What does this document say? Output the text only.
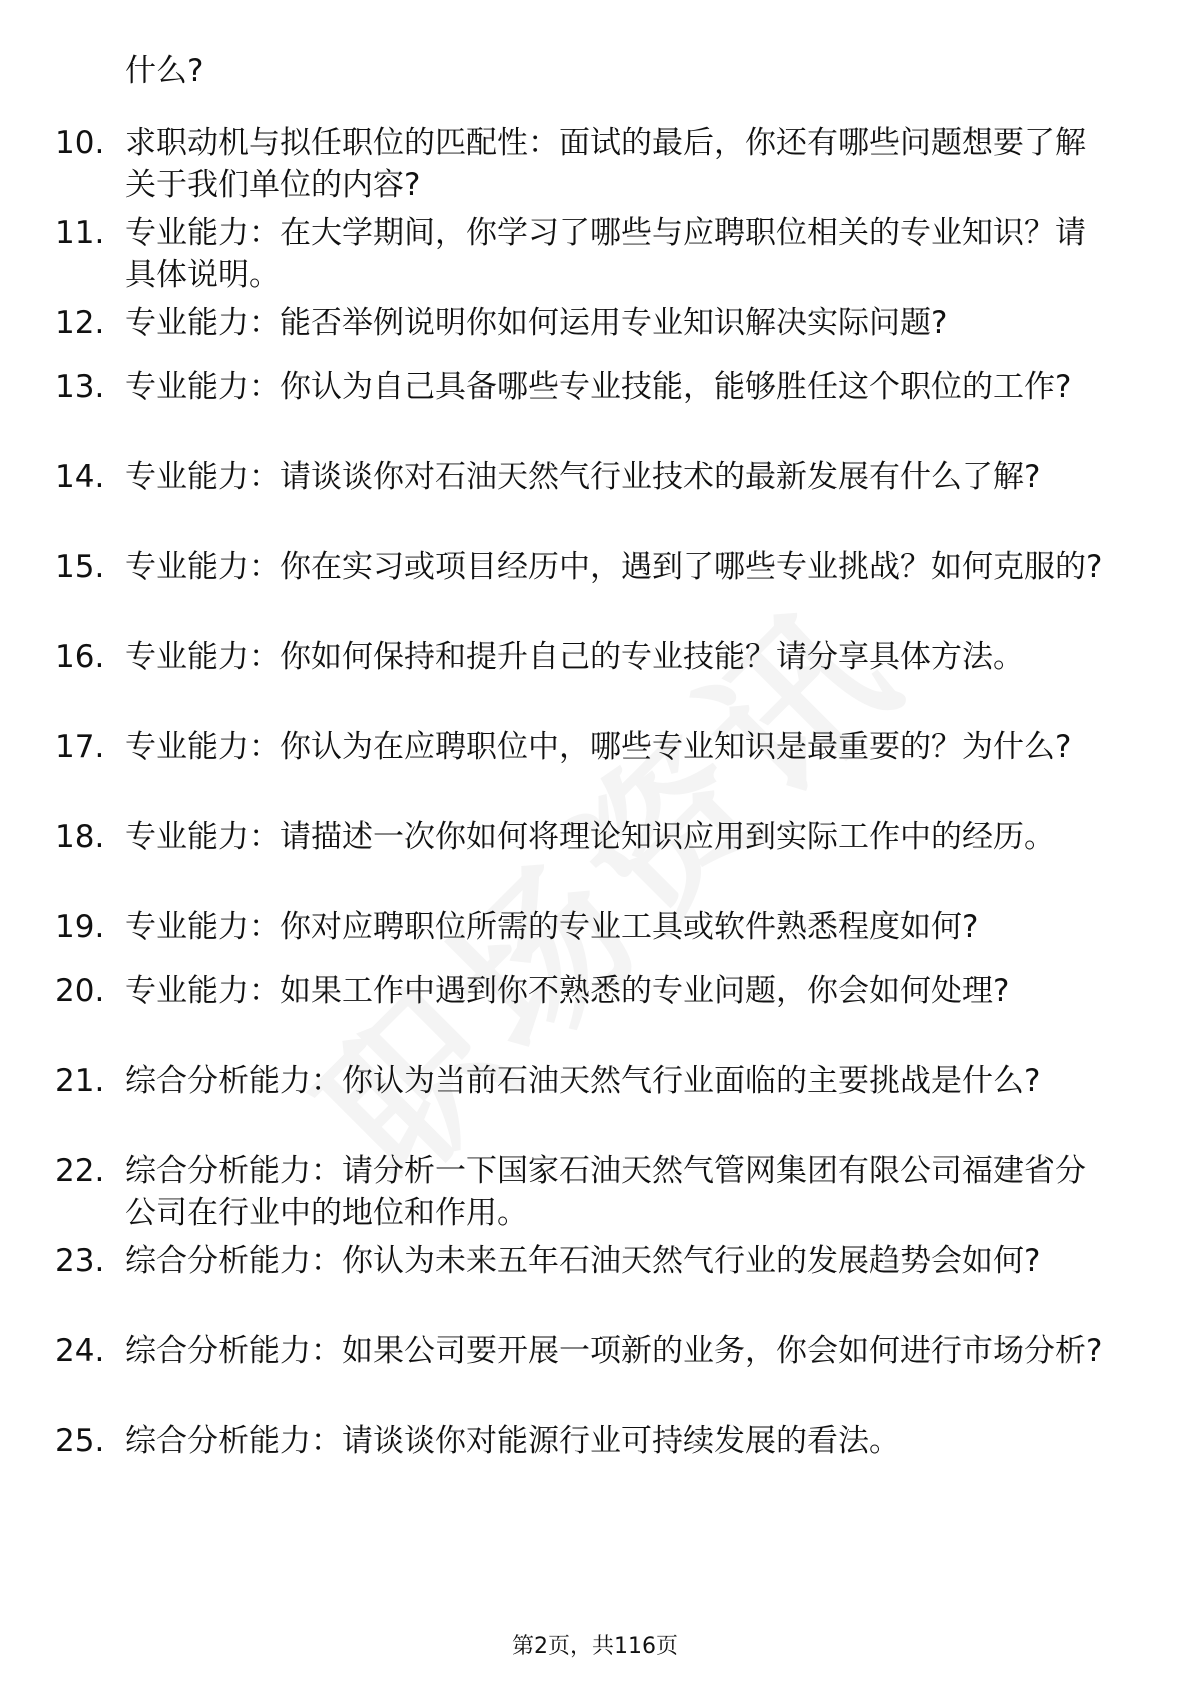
什么?
10. 求职动机与拟任职位的匹配性：面试的最后，你还有哪些问题想要了解关于我们单位的内容?
11. 专业能力：在大学期间，你学习了哪些与应聘职位相关的专业知识？请具体说明。
12. 专业能力：能否举例说明你如何运用专业知识解决实际问题?
13. 专业能力：你认为自己具备哪些专业技能，能够胜任这个职位的工作?
14. 专业能力：请谈谈你对石油天然气行业技术的最新发展有什么了解?
15. 专业能力：你在实习或项目经历中，遇到了哪些专业挑战？如何克服的?
16. 专业能力：你如何保持和提升自己的专业技能？请分享具体方法。
17. 专业能力：你认为在应聘职位中，哪些专业知识是最重要的？为什么?
18. 专业能力：请描述一次你如何将理论知识应用到实际工作中的经历。
19. 专业能力：你对应聘职位所需的专业工具或软件熟悉程度如何?
20. 专业能力：如果工作中遇到你不熟悉的专业问题，你会如何处理?
21. 综合分析能力：你认为当前石油天然气行业面临的主要挑战是什么?
22. 综合分析能力：请分析一下国家石油天然气管网集团有限公司福建省分公司在行业中的地位和作用。
23. 综合分析能力：你认为未来五年石油天然气行业的发展趋势会如何?
24. 综合分析能力：如果公司要开展一项新的业务，你会如何进行市场分析?
25. 综合分析能力：请谈谈你对能源行业可持续发展的看法。
第2页，共116页
